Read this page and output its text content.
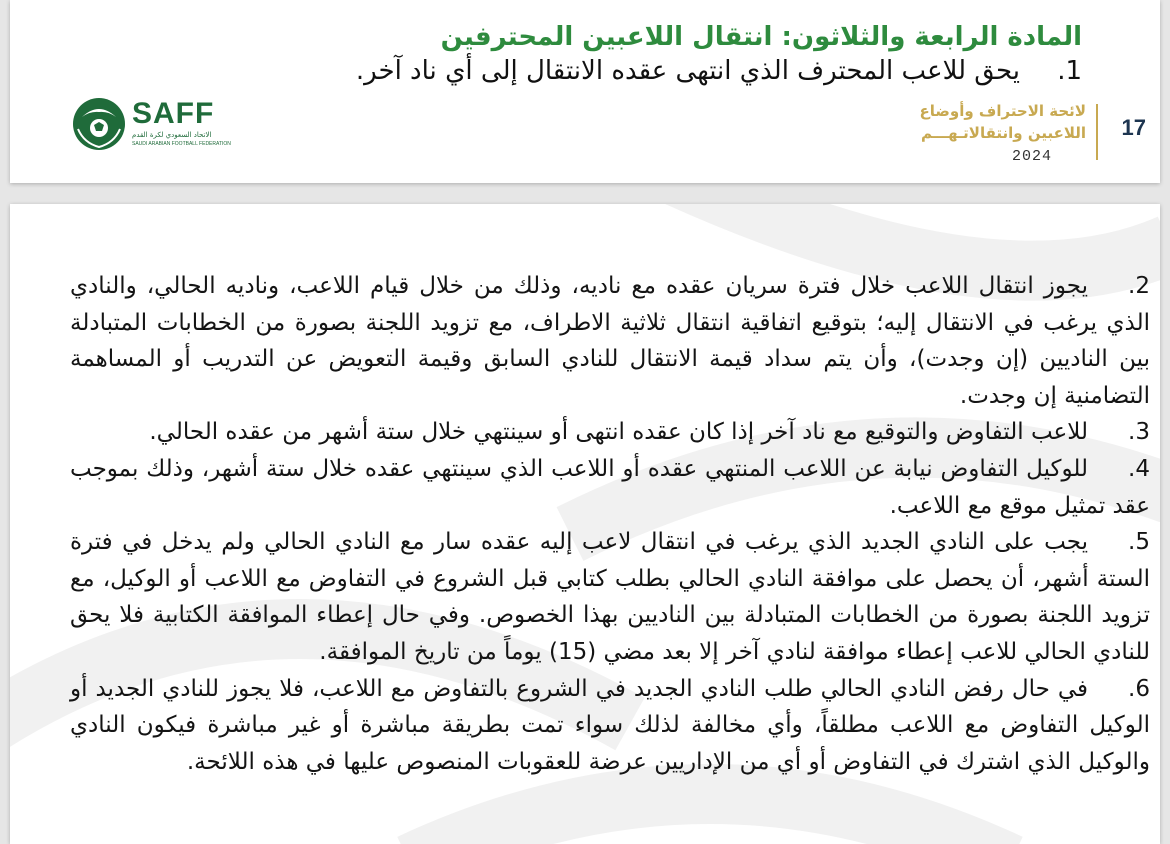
المادة الرابعة والثلاثون: انتقال اللاعبين المحترفين
1.يحق للاعب المحترف الذي انتهى عقده الانتقال إلى أي ناد آخر.
SAFF
الاتحاد السعودي لكرة القدم
SAUDI ARABIAN FOOTBALL FEDERATION
17
لائحة الاحتراف وأوضاع
اللاعبين وانتقالاتـهـــم
2024

2.يجوز انتقال اللاعب خلال فترة سريان عقده مع ناديه، وذلك من خلال قيام اللاعب، وناديه الحالي، والنادي الذي يرغب في الانتقال إليه؛ بتوقيع اتفاقية انتقال ثلاثية الاطراف، مع تزويد اللجنة بصورة من الخطابات المتبادلة بين الناديين (إن وجدت)، وأن يتم سداد قيمة الانتقال للنادي السابق وقيمة التعويض عن التدريب أو المساهمة التضامنية إن وجدت.

3.للاعب التفاوض والتوقيع مع ناد آخر إذا كان عقده انتهى أو سينتهي خلال ستة أشهر من عقده الحالي.

4.للوكيل التفاوض نيابة عن اللاعب المنتهي عقده أو اللاعب الذي سينتهي عقده خلال ستة أشهر، وذلك بموجب عقد تمثيل موقع مع اللاعب.

5.يجب على النادي الجديد الذي يرغب في انتقال لاعب إليه عقده سار مع النادي الحالي ولم يدخل في فترة الستة أشهر، أن يحصل على موافقة النادي الحالي بطلب كتابي قبل الشروع في التفاوض مع اللاعب أو الوكيل، مع تزويد اللجنة بصورة من الخطابات المتبادلة بين الناديين بهذا الخصوص. وفي حال إعطاء الموافقة الكتابية فلا يحق للنادي الحالي للاعب إعطاء موافقة لنادي آخر إلا بعد مضي (15) يوماً من تاريخ الموافقة.

6.في حال رفض النادي الحالي طلب النادي الجديد في الشروع بالتفاوض مع اللاعب، فلا يجوز للنادي الجديد أو الوكيل التفاوض مع اللاعب مطلقاً، وأي مخالفة لذلك سواء تمت بطريقة مباشرة أو غير مباشرة فيكون النادي والوكيل الذي اشترك في التفاوض أو أي من الإداريين عرضة للعقوبات المنصوص عليها في هذه اللائحة.
